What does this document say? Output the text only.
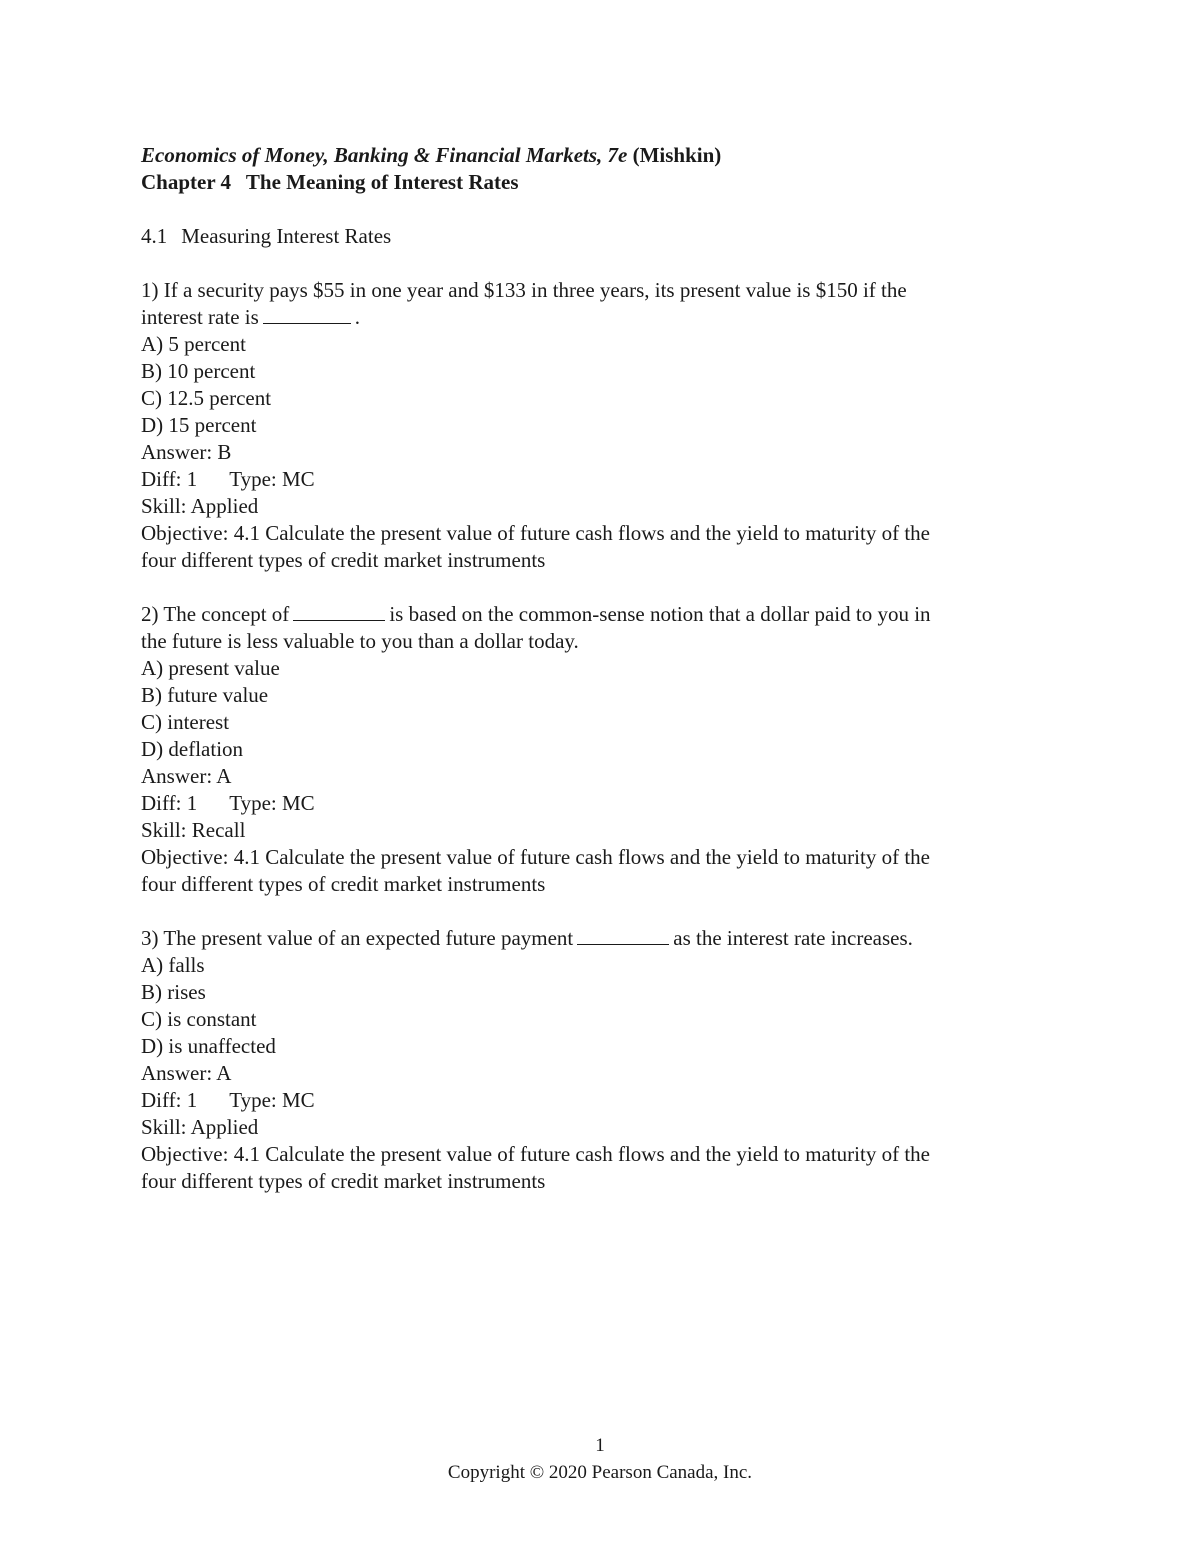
Economics of Money, Banking & Financial Markets, 7e (Mishkin)

Chapter 4 The Meaning of Interest Rates

4.1 Measuring Interest Rates
1) If a security pays $55 in one year and $133 in three years, its present value is $150 if the
interest rate is	.
A) 5 percent
B) 10 percent
C) 12.5 percent
D) 15 percent
Answer: B
Diff: 1 Type: MC
Skill: Applied
Objective: 4.1 Calculate the present value of future cash flows and the yield to maturity of the
four different types of credit market instruments
2) The concept of	is based on the common-sense notion that a dollar paid to you in
the future is less valuable to you than a dollar today.
A) present value
B) future value
C) interest
D) deflation
Answer: A
Diff: 1 Type: MC
Skill: Recall
Objective: 4.1 Calculate the present value of future cash flows and the yield to maturity of the
four different types of credit market instruments
3) The present value of an expected future payment	as the interest rate increases.
A) falls
B) rises
C) is constant
D) is unaffected
Answer: A
Diff: 1 Type: MC
Skill: Applied
Objective: 4.1 Calculate the present value of future cash flows and the yield to maturity of the
four different types of credit market instruments
1
Copyright © 2020 Pearson Canada, Inc.
